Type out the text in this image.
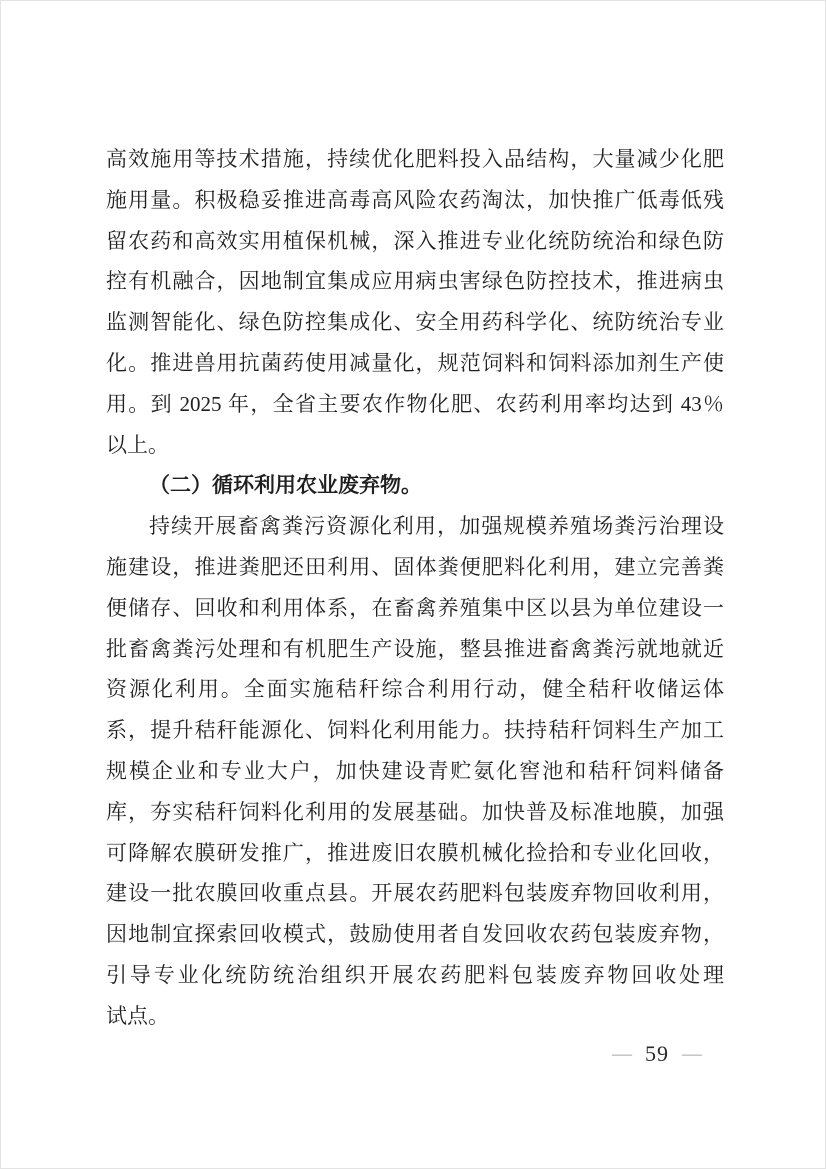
高效施用等技术措施，持续优化肥料投入品结构，大量减少化肥
施用量。积极稳妥推进高毒高风险农药淘汰，加快推广低毒低残
留农药和高效实用植保机械，深入推进专业化统防统治和绿色防
控有机融合，因地制宜集成应用病虫害绿色防控技术，推进病虫
监测智能化、绿色防控集成化、安全用药科学化、统防统治专业
化。推进兽用抗菌药使用减量化，规范饲料和饲料添加剂生产使
用。到 2025 年，全省主要农作物化肥、农药利用率均达到 43％
以上。
（二）循环利用农业废弃物。
持续开展畜禽粪污资源化利用，加强规模养殖场粪污治理设
施建设，推进粪肥还田利用、固体粪便肥料化利用，建立完善粪
便储存、回收和利用体系，在畜禽养殖集中区以县为单位建设一
批畜禽粪污处理和有机肥生产设施，整县推进畜禽粪污就地就近
资源化利用。全面实施秸秆综合利用行动，健全秸秆收储运体
系，提升秸秆能源化、饲料化利用能力。扶持秸秆饲料生产加工
规模企业和专业大户，加快建设青贮氨化窖池和秸秆饲料储备
库，夯实秸秆饲料化利用的发展基础。加快普及标准地膜，加强
可降解农膜研发推广，推进废旧农膜机械化捡拾和专业化回收，
建设一批农膜回收重点县。开展农药肥料包装废弃物回收利用，
因地制宜探索回收模式，鼓励使用者自发回收农药包装废弃物，
引导专业化统防统治组织开展农药肥料包装废弃物回收处理
试点。
— 59 —
